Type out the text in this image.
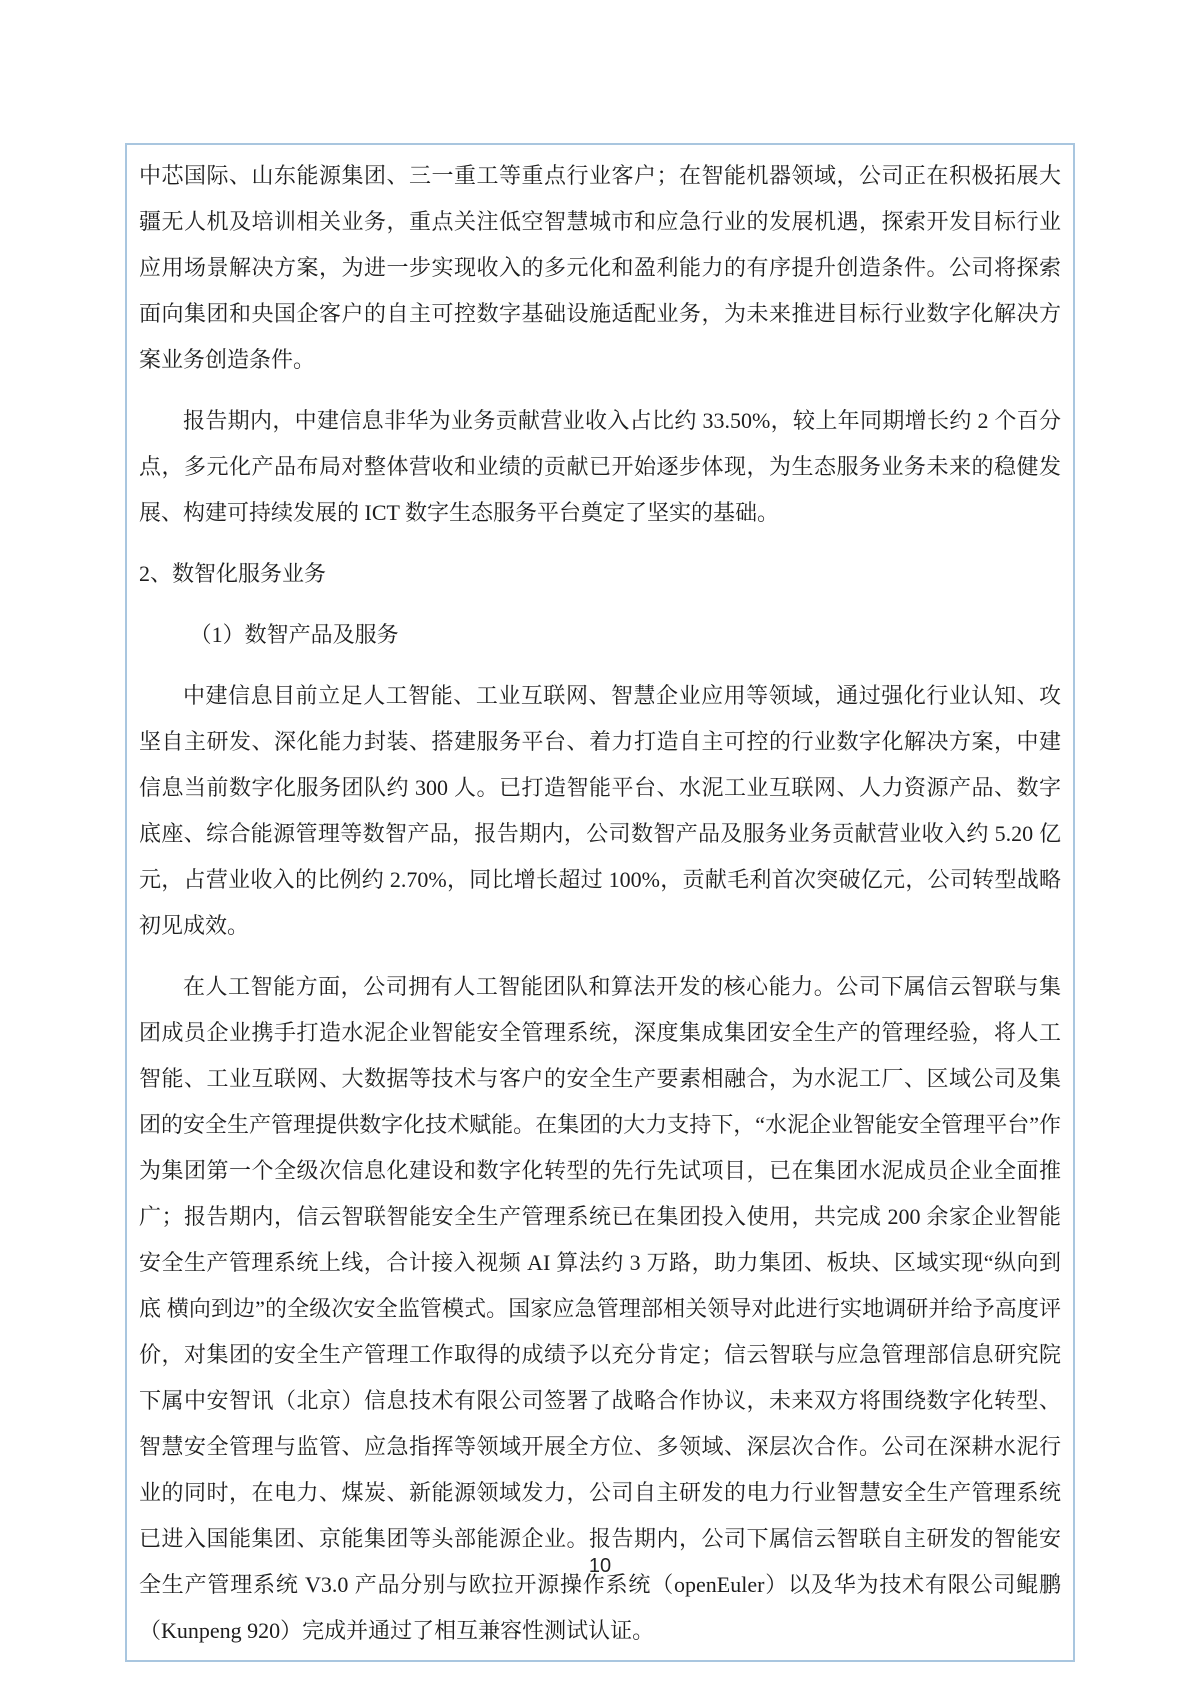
中芯国际、山东能源集团、三一重工等重点行业客户；在智能机器领域，公司正在积极拓展大疆无人机及培训相关业务，重点关注低空智慧城市和应急行业的发展机遇，探索开发目标行业应用场景解决方案，为进一步实现收入的多元化和盈利能力的有序提升创造条件。公司将探索面向集团和央国企客户的自主可控数字基础设施适配业务，为未来推进目标行业数字化解决方案业务创造条件。

报告期内，中建信息非华为业务贡献营业收入占比约 33.50%，较上年同期增长约 2 个百分点，多元化产品布局对整体营收和业绩的贡献已开始逐步体现，为生态服务业务未来的稳健发展、构建可持续发展的 ICT 数字生态服务平台奠定了坚实的基础。

2、数智化服务业务

（1）数智产品及服务

中建信息目前立足人工智能、工业互联网、智慧企业应用等领域，通过强化行业认知、攻坚自主研发、深化能力封装、搭建服务平台、着力打造自主可控的行业数字化解决方案，中建信息当前数字化服务团队约 300 人。已打造智能平台、水泥工业互联网、人力资源产品、数字底座、综合能源管理等数智产品，报告期内，公司数智产品及服务业务贡献营业收入约 5.20 亿元，占营业收入的比例约 2.70%，同比增长超过 100%，贡献毛利首次突破亿元，公司转型战略初见成效。

在人工智能方面，公司拥有人工智能团队和算法开发的核心能力。公司下属信云智联与集团成员企业携手打造水泥企业智能安全管理系统，深度集成集团安全生产的管理经验，将人工智能、工业互联网、大数据等技术与客户的安全生产要素相融合，为水泥工厂、区域公司及集团的安全生产管理提供数字化技术赋能。在集团的大力支持下，“水泥企业智能安全管理平台”作为集团第一个全级次信息化建设和数字化转型的先行先试项目，已在集团水泥成员企业全面推广；报告期内，信云智联智能安全生产管理系统已在集团投入使用，共完成 200 余家企业智能安全生产管理系统上线，合计接入视频 AI 算法约 3 万路，助力集团、板块、区域实现“纵向到底 横向到边”的全级次安全监管模式。国家应急管理部相关领导对此进行实地调研并给予高度评价，对集团的安全生产管理工作取得的成绩予以充分肯定；信云智联与应急管理部信息研究院下属中安智讯（北京）信息技术有限公司签署了战略合作协议，未来双方将围绕数字化转型、智慧安全管理与监管、应急指挥等领域开展全方位、多领域、深层次合作。公司在深耕水泥行业的同时，在电力、煤炭、新能源领域发力，公司自主研发的电力行业智慧安全生产管理系统已进入国能集团、京能集团等头部能源企业。报告期内，公司下属信云智联自主研发的智能安全生产管理系统 V3.0 产品分别与欧拉开源操作系统（openEuler）以及华为技术有限公司鲲鹏（Kunpeng 920）完成并通过了相互兼容性测试认证。

10
